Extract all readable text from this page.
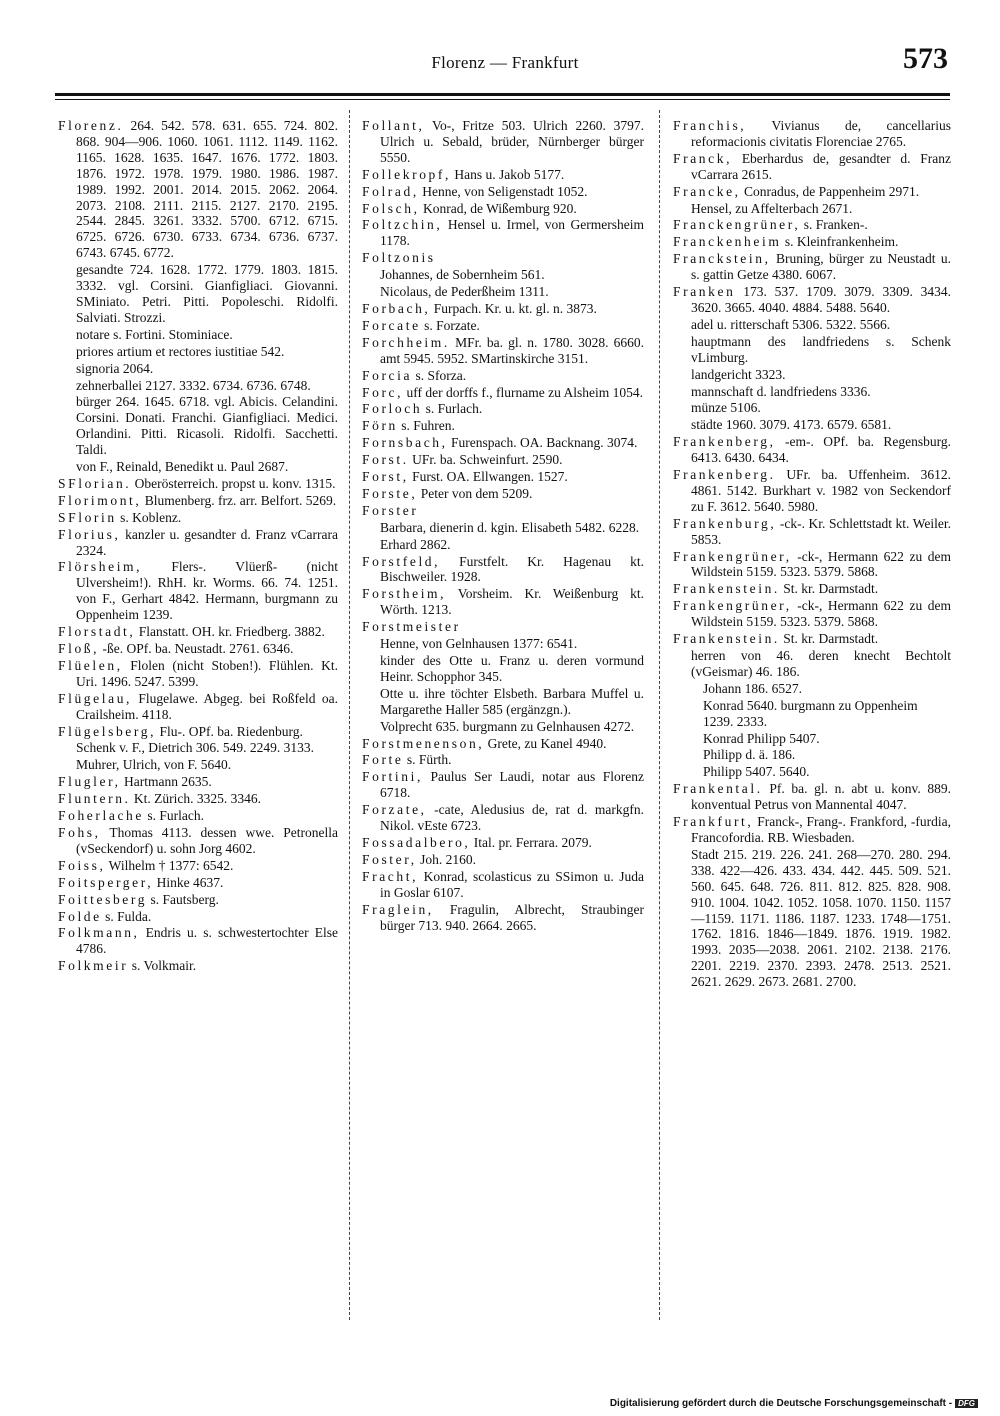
Florenz — Frankfurt	573
Florenz. 264. 542. 578. 631. 655. 724. 802. 868. 904—906. 1060. 1061. 1112. 1149. 1162. 1165. 1628. 1635. 1647. 1676. 1772. 1803. 1876. 1972. 1978. 1979. 1980. 1986. 1987. 1989. 1992. 2001. 2014. 2015. 2062. 2064. 2073. 2108. 2111. 2115. 2127. 2170. 2195. 2544. 2845. 3261. 3332. 5700. 6712. 6715. 6725. 6726. 6730. 6733. 6734. 6736. 6737. 6743. 6745. 6772.
gesandte 724. 1628. 1772. 1779. 1803. 1815. 3332. vgl. Corsini. Gianfigliaci. Giovanni. SMiniato. Petri. Pitti. Popoleschi. Ridolfi. Salviati. Strozzi.
notare s. Fortini. Stominiace.
priores artium et rectores iustitiae 542.
signoria 2064.
zehnerballei 2127. 3332. 6734. 6736. 6748.
bürger 264. 1645. 6718. vgl. Abicis. Celandini. Corsini. Donati. Franchi. Gianfigliaci. Medici. Orlandini. Pitti. Ricasoli. Ridolfi. Sacchetti. Taldi.
von F., Reinald, Benedikt u. Paul 2687.
SFlorian. Oberösterreich. propst u. konv. 1315.
Florimont, Blumenberg. frz. arr. Belfort. 5269.
SFlorin s. Koblenz.
Florius, kanzler u. gesandter d. Franz vCarrara 2324.
Flörsheim, Flers-. Vlüerß- (nicht Ulversheim!). RhH. kr. Worms. 66. 74. 1251. von F., Gerhart 4842. Hermann, burgmann zu Oppenheim 1239.
Florstadt, Flanstatt. OH. kr. Friedberg. 3882.
Floß, -ße. OPf. ba. Neustadt. 2761. 6346.
Flüelen, Flolen (nicht Stoben!). Flühlen. Kt. Uri. 1496. 5247. 5399.
Flügelau, Flugelawe. Abgeg. bei Roßfeld oa. Crailsheim. 4118.
Flügelsberg, Flu-. OPf. ba. Riedenburg.
Schenk v. F., Dietrich 306. 549. 2249. 3133.
Muhrer, Ulrich, von F. 5640.
Flugler, Hartmann 2635.
Fluntern. Kt. Zürich. 3325. 3346.
Foherlache s. Furlach.
Fohs, Thomas 4113. dessen wwe. Petronella (vSeckendorf) u. sohn Jorg 4602.
Foiss, Wilhelm † 1377: 6542.
Foitsperger, Hinke 4637.
Foittesberg s. Fautsberg.
Folde s. Fulda.
Folkmann, Endris u. s. schwestertochter Else 4786.
Folkmeir s. Volkmair.
Follant, Vo-, Fritze 503. Ulrich 2260. 3797. Ulrich u. Sebald, brüder, Nürnberger bürger 5550.
Follekropf, Hans u. Jakob 5177.
Folrad, Henne, von Seligenstadt 1052.
Folsch, Konrad, de Wißemburg 920.
Foltzchin, Hensel u. Irmel, von Germersheim 1178.
Foltzonis
Johannes, de Sobernheim 561.
Nicolaus, de Pederßheim 1311.
Forbach, Furpach. Kr. u. kt. gl. n. 3873.
Forcate s. Forzate.
Forchheim. MFr. ba. gl. n. 1780. 3028. 6660. amt 5945. 5952. SMartinskirche 3151.
Forcia s. Sforza.
Forc, uff der dorffs f., flurname zu Alsheim 1054.
Forloch s. Furlach.
Förn s. Fuhren.
Fornsbach, Furenspach. OA. Backnang. 3074.
Forst. UFr. ba. Schweinfurt. 2590.
Forst, Furst. OA. Ellwangen. 1527.
Forste, Peter von dem 5209.
Forster
Barbara, dienerin d. kgin. Elisabeth 5482. 6228.
Erhard 2862.
Forstfeld, Furstfelt. Kr. Hagenau kt. Bischweiler. 1928.
Forstheim, Vorsheim. Kr. Weißenburg kt. Wörth. 1213.
Forstmeister
Henne, von Gelnhausen 1377: 6541.
kinder des Otte u. Franz u. deren vormund Heinr. Schopphor 345.
Otte u. ihre töchter Elsbeth. Barbara Muffel u. Margarethe Haller 585 (ergänzgn.).
Volprecht 635. burgmann zu Gelnhausen 4272.
Forstmenenson, Grete, zu Kanel 4940.
Forte s. Fürth.
Fortini, Paulus Ser Laudi, notar aus Florenz 6718.
Forzate, -cate, Aledusius de, rat d. markgfn. Nikol. vEste 6723.
Fossadalbero, Ital. pr. Ferrara. 2079.
Foster, Joh. 2160.
Fracht, Konrad, scolasticus zu SSimon u. Juda in Goslar 6107.
Fraglein, Fragulin, Albrecht, Straubinger bürger 713. 940. 2664. 2665.
Franchis, Vivianus de, cancellarius reformacionis civitatis Florenciae 2765.
Franck, Eberhardus de, gesandter d. Franz vCarrara 2615.
Francke, Conradus, de Pappenheim 2971.
Hensel, zu Affelterbach 2671.
Franckengrüner, s. Franken-.
Franckenheim s. Kleinfrankenheim.
Franckstein, Bruning, bürger zu Neustadt u. s. gattin Getze 4380. 6067.
Franken 173. 537. 1709. 3079. 3309. 3434. 3620. 3665. 4040. 4884. 5488. 5640.
adel u. ritterschaft 5306. 5322. 5566.
hauptmann des landfriedens s. Schenk vLimburg.
landgericht 3323.
mannschaft d. landfriedens 3336.
münze 5106.
städte 1960. 3079. 4173. 6579. 6581.
Frankenberg, -em-. OPf. ba. Regensburg. 6413. 6430. 6434.
Frankenberg. UFr. ba. Uffenheim. 3612. 4861. 5142. Burkhart v. 1982 von Seckendorf zu F. 3612. 5640. 5980.
Frankenburg, -ck-. Kr. Schlettstadt kt. Weiler. 5853.
Frankengrüner, -ck-, Hermann 622 zu dem Wildstein 5159. 5323. 5379. 5868.
Frankenstein. St. kr. Darmstadt.
Frankengrüner, -ck-, Hermann 622 zu dem Wildstein 5159. 5323. 5379. 5868.
Frankenstein. St. kr. Darmstadt.
herren von 46. deren knecht Bechtolt (vGeismar) 46. 186.
Johann 186. 6527.
Konrad 5640. burgmann zu Oppenheim 1239. 2333.
Konrad Philipp 5407.
Philipp d. ä. 186.
Philipp 5407. 5640.
Frankental. Pf. ba. gl. n. abt u. konv. 889. konventual Petrus von Mannental 4047.
Frankfurt, Franck-, Frang-. Frankford, -furdia, Francofordia. RB. Wiesbaden.
Stadt 215. 219. 226. 241. 268—270. 280. 294. 338. 422—426. 433. 434. 442. 445. 509. 521. 560. 645. 648. 726. 811. 812. 825. 828. 908. 910. 1004. 1042. 1052. 1058. 1070. 1150. 1157—1159. 1171. 1186. 1187. 1233. 1748—1751. 1762. 1816. 1846—1849. 1876. 1919. 1982. 1993. 2035—2038. 2061. 2102. 2138. 2176. 2201. 2219. 2370. 2393. 2478. 2513. 2521. 2621. 2629. 2673. 2681. 2700.
Digitalisierung gefördert durch die Deutsche Forschungsgemeinschaft - DFG
